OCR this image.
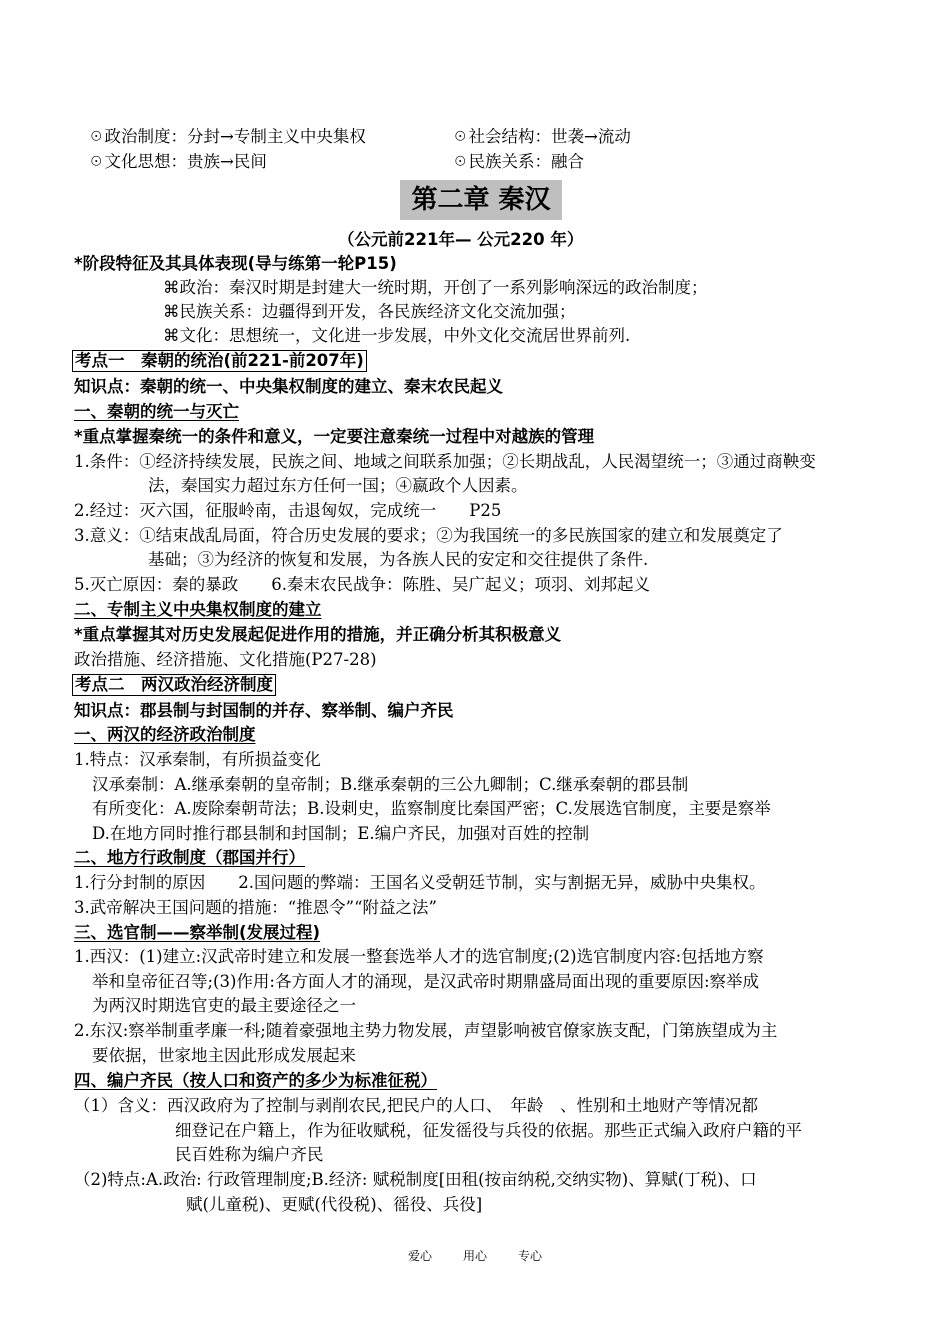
☉政治制度：分封→专制主义中央集权	☉社会结构：世袭→流动
☉文化思想：贵族→民间	☉民族关系：融合
第二章 秦汉
（公元前221年— 公元220 年）
*阶段特征及其具体表现(导与练第一轮P15)
⌘政治：秦汉时期是封建大一统时期，开创了一系列影响深远的政治制度；
⌘民族关系：边疆得到开发，各民族经济文化交流加强；
⌘文化：思想统一，文化进一步发展，中外文化交流居世界前列.
考点一　秦朝的统治(前221-前207年)
知识点：秦朝的统一、中央集权制度的建立、秦末农民起义
一、秦朝的统一与灭亡
*重点掌握秦统一的条件和意义，一定要注意秦统一过程中对越族的管理
1.条件：①经济持续发展，民族之间、地域之间联系加强；②长期战乱，人民渴望统一；③通过商鞅变
法，秦国实力超过东方任何一国；④嬴政个人因素。
2.经过：灭六国，征服岭南，击退匈奴，完成统一　　P25
3.意义：①结束战乱局面，符合历史发展的要求；②为我国统一的多民族国家的建立和发展奠定了
基础；③为经济的恢复和发展，为各族人民的安定和交往提供了条件.
5.灭亡原因：秦的暴政　　6.秦末农民战争：陈胜、吴广起义；项羽、刘邦起义
二、专制主义中央集权制度的建立
*重点掌握其对历史发展起促进作用的措施，并正确分析其积极意义
政治措施、经济措施、文化措施(P27-28)
考点二　两汉政治经济制度
知识点：郡县制与封国制的并存、察举制、编户齐民
一、两汉的经济政治制度
1.特点：汉承秦制，有所损益变化
汉承秦制：A.继承秦朝的皇帝制；B.继承秦朝的三公九卿制；C.继承秦朝的郡县制
有所变化：A.废除秦朝苛法；B.设刺史，监察制度比秦国严密；C.发展选官制度，主要是察举
D.在地方同时推行郡县制和封国制；E.编户齐民，加强对百姓的控制
二、地方行政制度（郡国并行）
1.行分封制的原因　　2.国问题的弊端：王国名义受朝廷节制，实与割据无异，威胁中央集权。
3.武帝解决王国问题的措施：“推恩令”“附益之法”
三、选官制——察举制(发展过程)
1.西汉：(1)建立:汉武帝时建立和发展一整套选举人才的选官制度;(2)选官制度内容:包括地方察
举和皇帝征召等;(3)作用:各方面人才的涌现，是汉武帝时期鼎盛局面出现的重要原因:察举成
为两汉时期选官吏的最主要途径之一
2.东汉:察举制重孝廉一科;随着豪强地主势力物发展，声望影响被官僚家族支配，门第族望成为主
要依据，世家地主因此形成发展起来
四、编户齐民（按人口和资产的多少为标准征税）
（1）含义：西汉政府为了控制与剥削农民,把民户的人口、　年龄　、性别和土地财产等情况都
细登记在户籍上，作为征收赋税，征发徭役与兵役的依据。那些正式编入政府户籍的平
民百姓称为编户齐民
（2)特点:A.政治: 行政管理制度;B.经济: 赋税制度[田租(按亩纳税,交纳实物)、算赋(丁税)、口
赋(儿童税)、更赋(代役税)、徭役、兵役]
爱心	用心	专心
